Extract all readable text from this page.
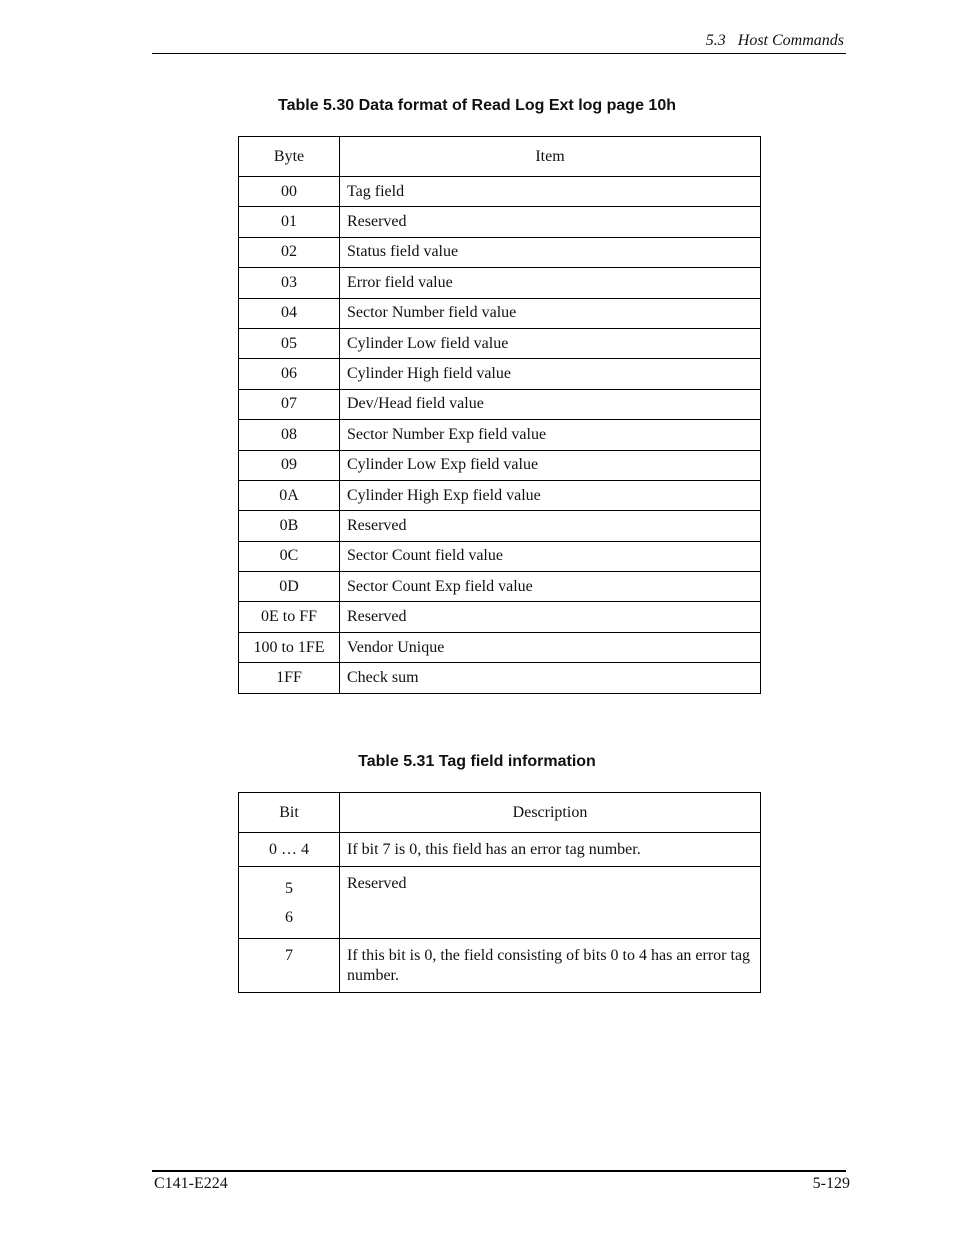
5.3   Host Commands
Table 5.30 Data format of Read Log Ext log page 10h
Byte	Item
00	Tag field
01	Reserved
02	Status field value
03	Error field value
04	Sector Number field value
05	Cylinder Low field value
06	Cylinder High field value
07	Dev/Head field value
08	Sector Number Exp field value
09	Cylinder Low Exp field value
0A	Cylinder High Exp field value
0B	Reserved
0C	Sector Count field value
0D	Sector Count Exp field value
0E to FF	Reserved
100 to 1FE	Vendor Unique
1FF	Check sum
Table 5.31 Tag field information
Bit	Description

0 … 4	If bit 7 is 0, this field has an error tag number.

5
6	Reserved

7	If this bit is 0, the field consisting of bits 0 to 4 has an error tag number.
C141-E224	5-129
